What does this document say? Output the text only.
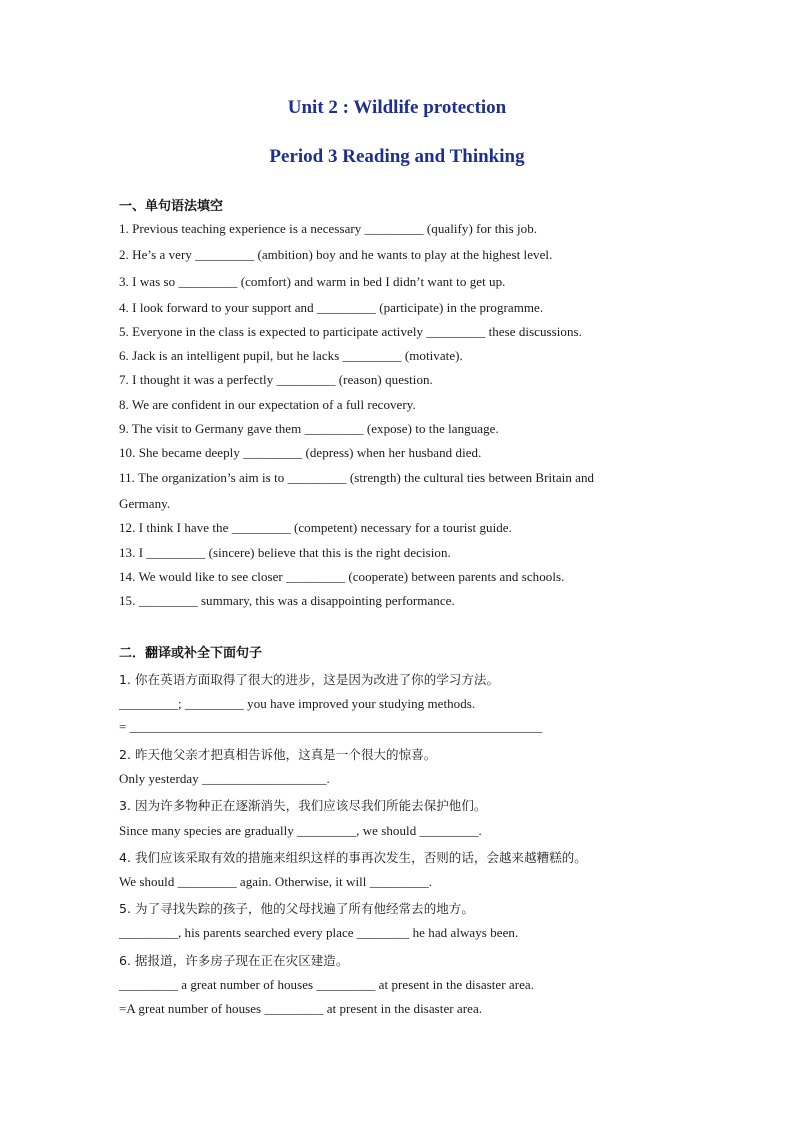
Unit 2 : Wildlife protection
Period 3 Reading and Thinking
一、单句语法填空
1. Previous teaching experience is a necessary _________ (qualify) for this job.
2. He’s a very _________ (ambition) boy and he wants to play at the highest level.
3. I was so _________ (comfort) and warm in bed I didn’t want to get up.
4. I look forward to your support and _________ (participate) in the programme.
5. Everyone in the class is expected to participate actively _________ these discussions.
6. Jack is an intelligent pupil, but he lacks _________ (motivate).
7. I thought it was a perfectly _________ (reason) question.
8. We are confident in our expectation of a full recovery.
9. The visit to Germany gave them _________ (expose) to the language.
10. She became deeply _________ (depress) when her husband died.
11. The organization’s aim is to _________ (strength) the cultural ties between Britain and
Germany.
12. I think I have the _________ (competent) necessary for a tourist guide.
13. I _________ (sincere) believe that this is the right decision.
14. We would like to see closer _________ (cooperate) between parents and schools.
15. _________ summary, this was a disappointing performance.
二．翻译或补全下面句子
1. 你在英语方面取得了很大的进步，这是因为改进了你的学习方法。
_________; _________ you have improved your studying methods.
= _______________________________________________________________
2. 昨天他父亲才把真相告诉他，这真是一个很大的惊喜。
Only yesterday ___________________.
3. 因为许多物种正在逐渐消失，我们应该尽我们所能去保护他们。
Since many species are gradually _________, we should _________.
4. 我们应该采取有效的措施来组织这样的事再次发生，否则的话，会越来越糟糕的。
We should _________ again. Otherwise, it will _________.
5. 为了寻找失踪的孩子，他的父母找遍了所有他经常去的地方。
_________, his parents searched every place ________ he had always been.
6. 据报道，许多房子现在正在灾区建造。
_________ a great number of houses _________ at present in the disaster area.
=A great number of houses _________ at present in the disaster area.
